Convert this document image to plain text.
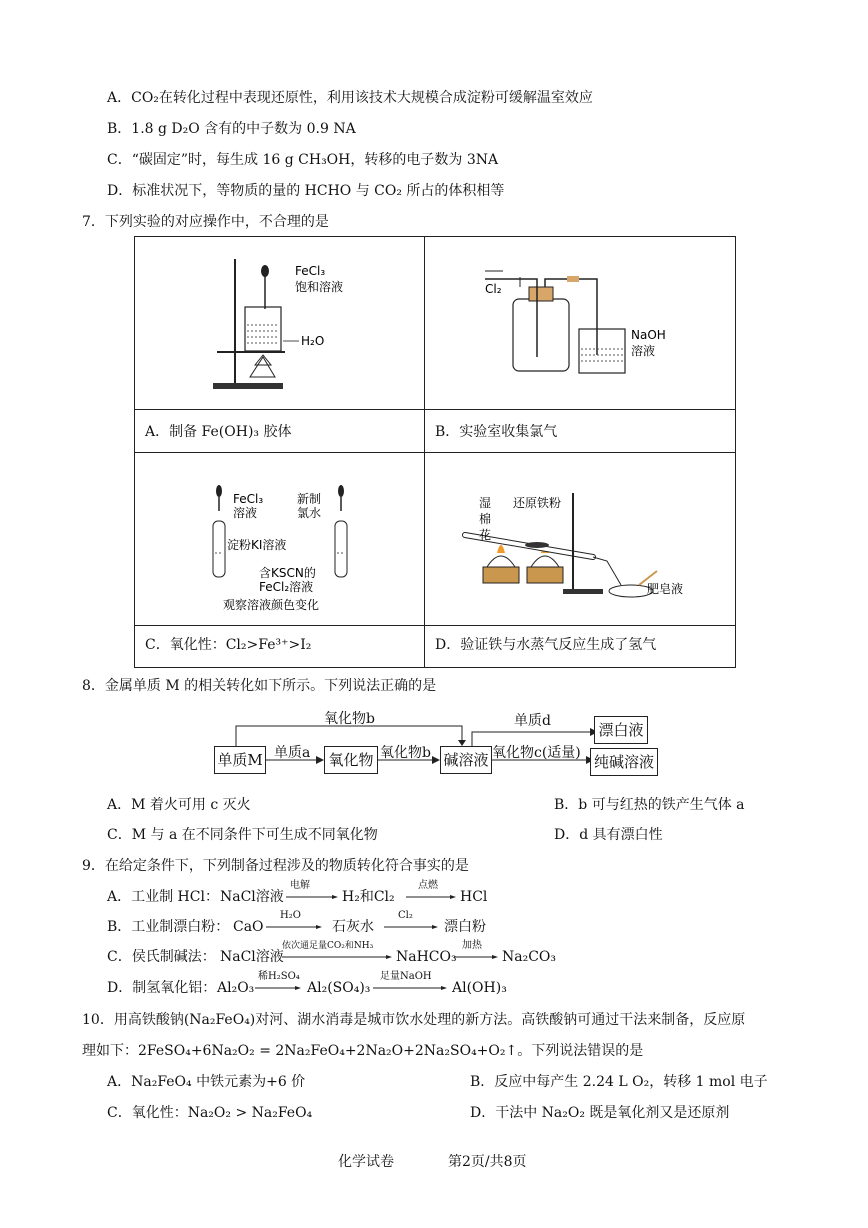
A．CO₂在转化过程中表现还原性，利用该技术大规模合成淀粉可缓解温室效应
B．1.8 g D₂O 含有的中子数为 0.9 NA
C．“碳固定”时，每生成 16 g CH₃OH，转移的电子数为 3NA
D．标准状况下，等物质的量的 HCHO 与 CO₂ 所占的体积相等
7．下列实验的对应操作中，不合理的是
FeCl₃
饱和溶液
H₂O
A．制备 Fe(OH)₃ 胶体
Cl₂
NaOH
溶液
B．实验室收集氯气
FeCl₃
溶液
新制
氯水
淀粉KI溶液
含KSCN的
FeCl₂溶液
观察溶液颜色变化
C．氧化性：Cl₂>Fe³⁺>I₂
湿
棉
花
还原铁粉
肥皂液
D．验证铁与水蒸气反应生成了氢气
8．金属单质 M 的相关转化如下所示。下列说法正确的是
单质M	氧化物	碱溶液
漂白液
纯碱溶液
单质a
氧化物b
氧化物b
单质d
氧化物c(适量)
A．M 着火可用 c 灭火	B．b 可与红热的铁产生气体 a
C．M 与 a 在不同条件下可生成不同氧化物	D．d 具有漂白性
9．在给定条件下，下列制备过程涉及的物质转化符合事实的是
A．工业制 HCl： NaCl溶液
电解
H₂和Cl₂
点燃
HCl
B．工业制漂白粉： CaO
H₂O
石灰水
Cl₂
漂白粉
C．侯氏制碱法： NaCl溶液
依次通足量CO₂和NH₃
NaHCO₃
加热
Na₂CO₃
D．制氢氧化铝： Al₂O₃
稀H₂SO₄
Al₂(SO₄)₃
足量NaOH
Al(OH)₃
10．用高铁酸钠(Na₂FeO₄)对河、湖水消毒是城市饮水处理的新方法。高铁酸钠可通过干法来制备，反应原
理如下：2FeSO₄+6Na₂O₂ = 2Na₂FeO₄+2Na₂O+2Na₂SO₄+O₂↑。下列说法错误的是
A．Na₂FeO₄ 中铁元素为+6 价	B．反应中每产生 2.24 L O₂，转移 1 mol 电子
C．氧化性：Na₂O₂ > Na₂FeO₄	D．干法中 Na₂O₂ 既是氧化剂又是还原剂
化学试卷	第2页/共8页
